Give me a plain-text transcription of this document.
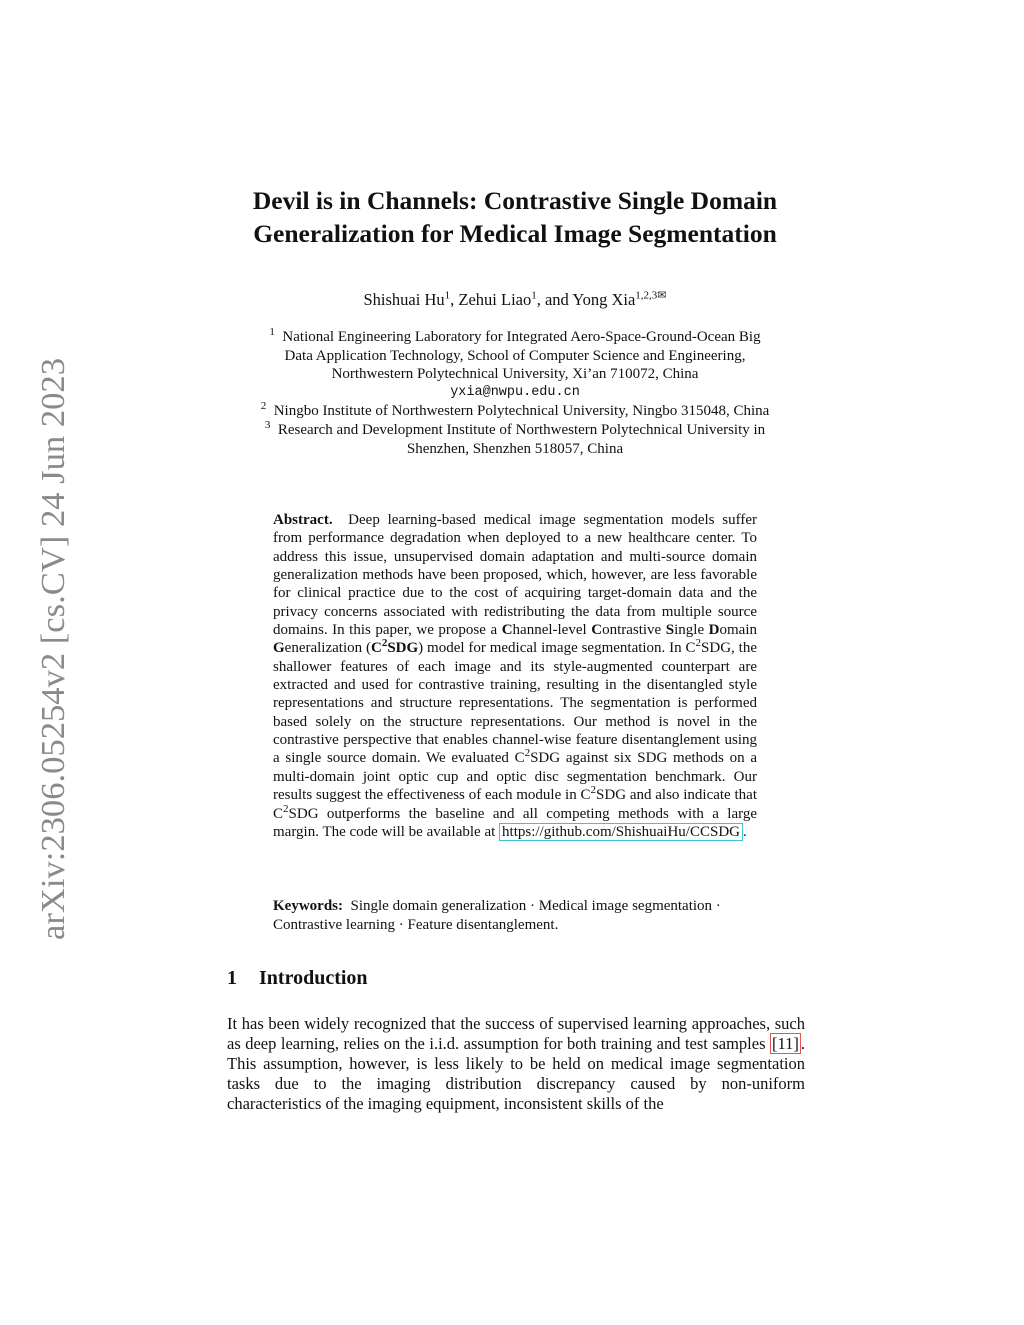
arXiv:2306.05254v2 [cs.CV] 24 Jun 2023
Devil is in Channels: Contrastive Single Domain
Generalization for Medical Image Segmentation
Shishuai Hu$^1$, Zehui Liao$^1$, and Yong Xia$^{1,2,3✉}$
$^1$ National Engineering Laboratory for Integrated Aero-Space-Ground-Ocean Big
Data Application Technology, School of Computer Science and Engineering,
Northwestern Polytechnical University, Xi’an 710072, China
yxia@nwpu.edu.cn
$^2$ Ningbo Institute of Northwestern Polytechnical University, Ningbo 315048, China
$^3$ Research and Development Institute of Northwestern Polytechnical University in
Shenzhen, Shenzhen 518057, China

Abstract. Deep learning-based medical image segmentation models suffer from performance degradation when deployed to a new healthcare center. To address this issue, unsupervised domain adaptation and multi-source domain generalization methods have been proposed, which, however, are less favorable for clinical practice due to the cost of acquiring target-domain data and the privacy concerns associated with redistributing the data from multiple source domains. In this paper, we propose a Channel-level Contrastive Single Domain Generalization $(C^2SDG)$ model for medical image segmentation. In $C^2SDG$, the shallower features of each image and its style-augmented counterpart are extracted and used for contrastive training, resulting in the disentangled style representations and structure representations. The segmentation is performed based solely on the structure representations. Our method is novel in the contrastive perspective that enables channel-wise feature disentanglement using a single source domain. We evaluated $C^2SDG$ against six SDG methods on a multi-domain joint optic cup and optic disc segmentation benchmark. Our results suggest the effectiveness of each module in $C^2SDG$ and also indicate that $C^2SDG$ outperforms the baseline and all competing methods with a large margin. The code will be available at https://github.com/ShishuaiHu/CCSDG .

Keywords: Single domain generalization · Medical image segmentation · Contrastive learning · Feature disentanglement.
1 Introduction

It has been widely recognized that the success of supervised learning approaches, such as deep learning, relies on the i.i.d. assumption for both training and test samples [11] . This assumption, however, is less likely to be held on medical image segmentation tasks due to the imaging distribution discrepancy caused by non-uniform characteristics of the imaging equipment, inconsistent skills of the
